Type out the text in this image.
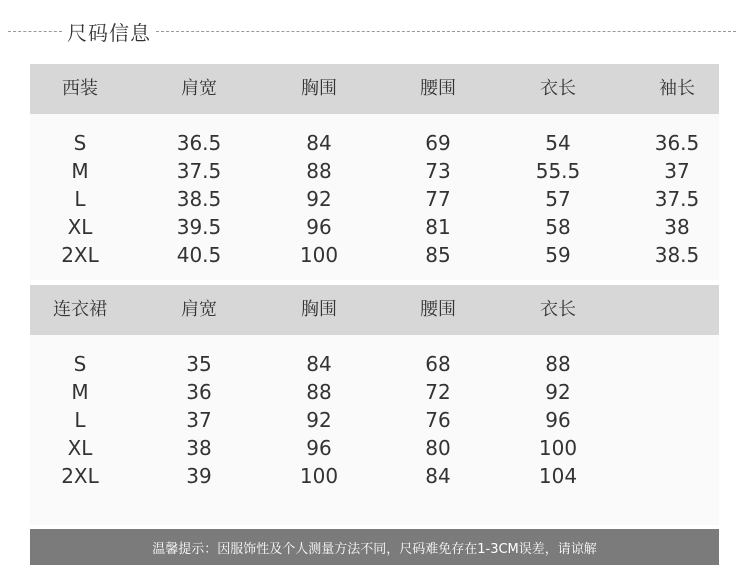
尺码信息
西装	肩宽	胸围	腰围	衣长	袖长
S	36.5	84	69	54	36.5
M	37.5	88	73	55.5	37
L	38.5	92	77	57	37.5
XL	39.5	96	81	58	38
2XL	40.5	100	85	59	38.5
连衣裙	肩宽	胸围	腰围	衣长
S	35	84	68	88
M	36	88	72	92
L	37	92	76	96
XL	38	96	80	100
2XL	39	100	84	104
温馨提示：因服饰性及个人测量方法不同，尺码难免存在1-3CM误差，请谅解
